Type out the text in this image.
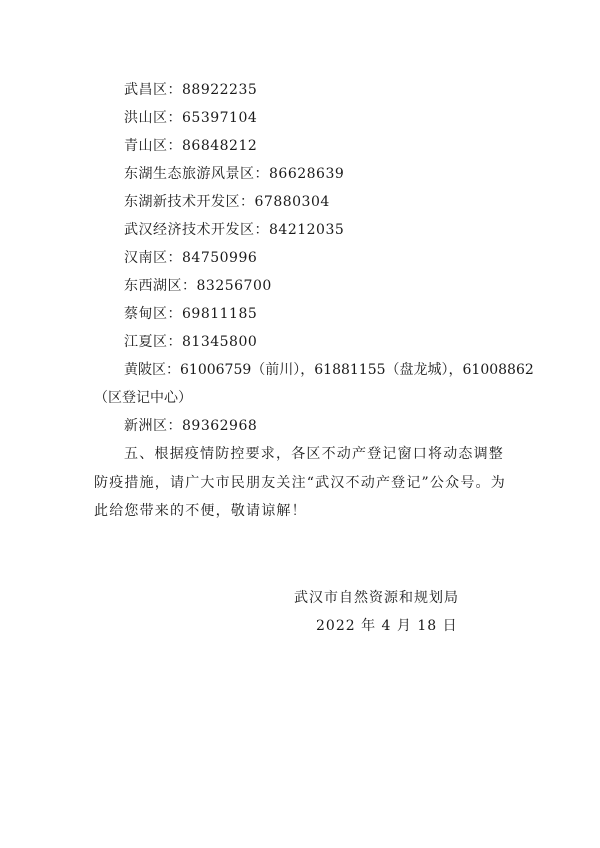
武昌区：88922235
洪山区：65397104
青山区：86848212
东湖生态旅游风景区：86628639
东湖新技术开发区：67880304
武汉经济技术开发区：84212035
汉南区：84750996
东西湖区：83256700
蔡甸区：69811185
江夏区：81345800
黄陂区：61006759（前川），61881155（盘龙城），61008862
（区登记中心）
新洲区：89362968
五、根据疫情防控要求，各区不动产登记窗口将动态调整防疫措施，请广大市民朋友关注“武汉不动产登记”公众号。为此给您带来的不便，敬请谅解！
武汉市自然资源和规划局
2022 年 4 月 18 日
